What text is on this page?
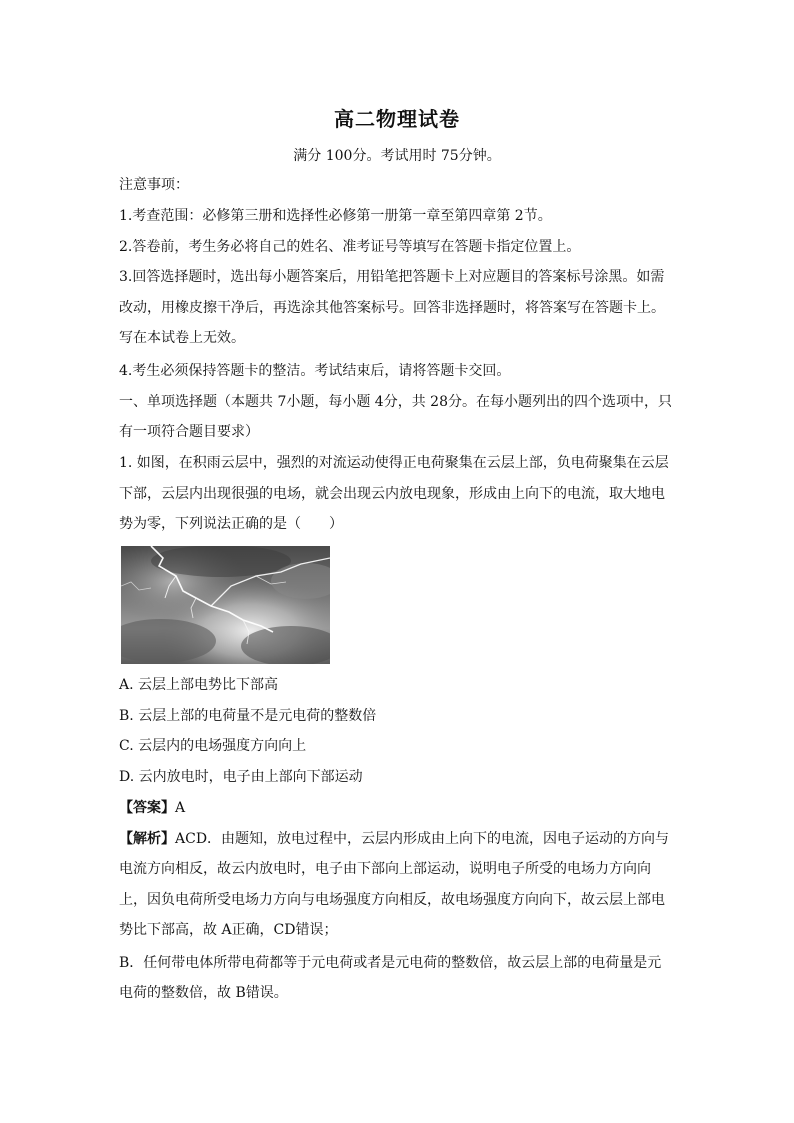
高二物理试卷
满分 100分。考试用时 75分钟。
注意事项：
1.考查范围：必修第三册和选择性必修第一册第一章至第四章第 2节。
2.答卷前，考生务必将自己的姓名、准考证号等填写在答题卡指定位置上。
3.回答选择题时，选出每小题答案后，用铅笔把答题卡上对应题目的答案标号涂黑。如需
改动，用橡皮擦干净后，再选涂其他答案标号。回答非选择题时，将答案写在答题卡上。
写在本试卷上无效。
4.考生必须保持答题卡的整洁。考试结束后，请将答题卡交回。
一、单项选择题（本题共 7小题，每小题 4分，共 28分。在每小题列出的四个选项中，只
有一项符合题目要求）
1. 如图，在积雨云层中，强烈的对流运动使得正电荷聚集在云层上部，负电荷聚集在云层
下部，云层内出现很强的电场，就会出现云内放电现象，形成由上向下的电流，取大地电
势为零，下列说法正确的是（　　）
A. 云层上部电势比下部高
B. 云层上部的电荷量不是元电荷的整数倍
C. 云层内的电场强度方向向上
D. 云内放电时，电子由上部向下部运动
【答案】A
【解析】ACD．由题知，放电过程中，云层内形成由上向下的电流，因电子运动的方向与
电流方向相反，故云内放电时，电子由下部向上部运动，说明电子所受的电场力方向向
上，因负电荷所受电场力方向与电场强度方向相反，故电场强度方向向下，故云层上部电
势比下部高，故 A正确，CD错误；
B．任何带电体所带电荷都等于元电荷或者是元电荷的整数倍，故云层上部的电荷量是元
电荷的整数倍，故 B错误。
